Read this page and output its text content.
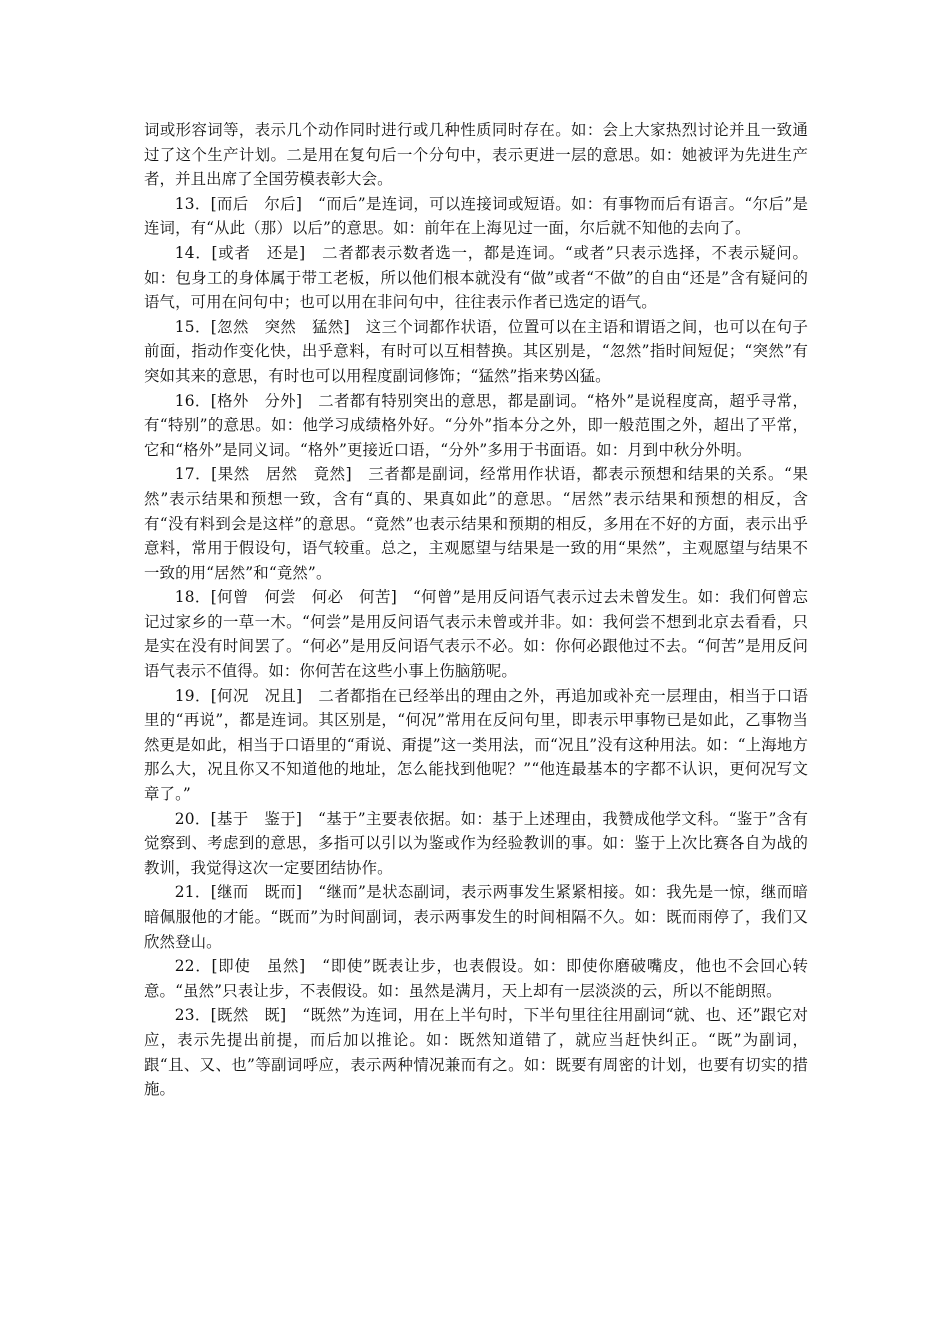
词或形容词等，表示几个动作同时进行或几种性质同时存在。如：会上大家热烈讨论并且一致通过了这个生产计划。二是用在复句后一个分句中，表示更进一层的意思。如：她被评为先进生产者，并且出席了全国劳模表彰大会。

13．[而后　尔后]　“而后”是连词，可以连接词或短语。如：有事物而后有语言。“尔后”是连词，有“从此（那）以后”的意思。如：前年在上海见过一面，尔后就不知他的去向了。

14．[或者　还是]　二者都表示数者选一，都是连词。“或者”只表示选择，不表示疑问。如：包身工的身体属于带工老板，所以他们根本就没有“做”或者“不做”的自由“还是”含有疑问的语气，可用在问句中；也可以用在非问句中，往往表示作者已选定的语气。

15．[忽然　突然　猛然]　这三个词都作状语，位置可以在主语和谓语之间，也可以在句子前面，指动作变化快，出乎意料，有时可以互相替换。其区别是，“忽然”指时间短促；“突然”有突如其来的意思，有时也可以用程度副词修饰；“猛然”指来势凶猛。

16．[格外　分外]　二者都有特别突出的意思，都是副词。“格外”是说程度高，超乎寻常，有“特别”的意思。如：他学习成绩格外好。“分外”指本分之外，即一般范围之外，超出了平常，它和“格外”是同义词。“格外”更接近口语，“分外”多用于书面语。如：月到中秋分外明。

17．[果然　居然　竟然]　三者都是副词，经常用作状语，都表示预想和结果的关系。“果然”表示结果和预想一致，含有“真的、果真如此”的意思。“居然”表示结果和预想的相反，含有“没有料到会是这样”的意思。“竟然”也表示结果和预期的相反，多用在不好的方面，表示出乎意料，常用于假设句，语气较重。总之，主观愿望与结果是一致的用“果然”，主观愿望与结果不一致的用“居然”和“竟然”。

18．[何曾　何尝　何必　何苦]　“何曾”是用反问语气表示过去未曾发生。如：我们何曾忘记过家乡的一草一木。“何尝”是用反问语气表示未曾或并非。如：我何尝不想到北京去看看，只是实在没有时间罢了。“何必”是用反问语气表示不必。如：你何必跟他过不去。“何苦”是用反问语气表示不值得。如：你何苦在这些小事上伤脑筋呢。

19．[何况　况且]　二者都指在已经举出的理由之外，再追加或补充一层理由，相当于口语里的“再说”，都是连词。其区别是，“何况”常用在反问句里，即表示甲事物已是如此，乙事物当然更是如此，相当于口语里的“甭说、甭提”这一类用法，而“况且”没有这种用法。如：“上海地方那么大，况且你又不知道他的地址，怎么能找到他呢？”“他连最基本的字都不认识，更何况写文章了。”

20．[基于　鉴于]　“基于”主要表依据。如：基于上述理由，我赞成他学文科。“鉴于”含有觉察到、考虑到的意思，多指可以引以为鉴或作为经验教训的事。如：鉴于上次比赛各自为战的教训，我觉得这次一定要团结协作。

21．[继而　既而]　“继而”是状态副词，表示两事发生紧紧相接。如：我先是一惊，继而暗暗佩服他的才能。“既而”为时间副词，表示两事发生的时间相隔不久。如：既而雨停了，我们又欣然登山。

22．[即使　虽然]　“即使”既表让步，也表假设。如：即使你磨破嘴皮，他也不会回心转意。“虽然”只表让步，不表假设。如：虽然是满月，天上却有一层淡淡的云，所以不能朗照。

23．[既然　既]　“既然”为连词，用在上半句时，下半句里往往用副词“就、也、还”跟它对应，表示先提出前提，而后加以推论。如：既然知道错了，就应当赶快纠正。“既”为副词，跟“且、又、也”等副词呼应，表示两种情况兼而有之。如：既要有周密的计划，也要有切实的措施。
